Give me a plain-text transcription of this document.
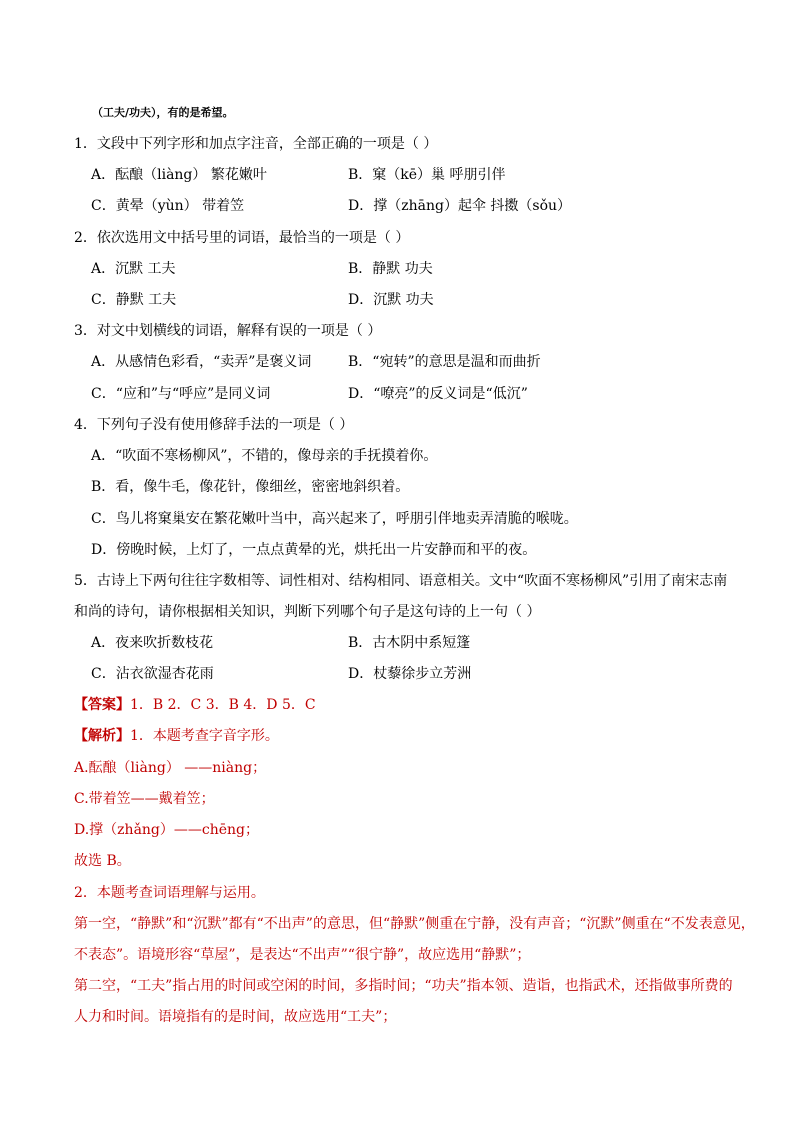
（工夫/功夫），有的是希望。
1．文段中下列字形和加点字注音，全部正确的一项是（ ）
A．酝酿（liàng） 繁花嫩叶	B．窠（kē）巢 呼朋引伴
C．黄晕（yùn） 带着笠	D．撑（zhāng）起伞 抖擞（sǒu）
2．依次选用文中括号里的词语，最恰当的一项是（ ）
A．沉默 工夫	B．静默 功夫
C．静默 工夫	D．沉默 功夫
3．对文中划横线的词语，解释有误的一项是（ ）
A．从感情色彩看，“卖弄”是褒义词	B．“宛转”的意思是温和而曲折
C．“应和”与“呼应”是同义词	D．“嘹亮”的反义词是“低沉”
4．下列句子没有使用修辞手法的一项是（ ）
A．“吹面不寒杨柳风”，不错的，像母亲的手抚摸着你。
B．看，像牛毛，像花针，像细丝，密密地斜织着。
C．鸟儿将窠巢安在繁花嫩叶当中，高兴起来了，呼朋引伴地卖弄清脆的喉咙。
D．傍晚时候，上灯了，一点点黄晕的光，烘托出一片安静而和平的夜。
5．古诗上下两句往往字数相等、词性相对、结构相同、语意相关。文中“吹面不寒杨柳风”引用了南宋志南
和尚的诗句，请你根据相关知识，判断下列哪个句子是这句诗的上一句（ ）
A．夜来吹折数枝花	B．古木阴中系短篷
C．沾衣欲湿杏花雨	D．杖藜徐步立芳洲
【答案】1．B 2．C 3．B 4．D 5．C
【解析】1．本题考查字音字形。
A.酝酿（liàng） ——niàng；
C.带着笠——戴着笠；
D.撑（zhǎng）——chēng；
故选 B。
2．本题考查词语理解与运用。
第一空，“静默”和“沉默”都有“不出声”的意思，但“静默”侧重在宁静，没有声音；“沉默”侧重在“不发表意见，
不表态”。语境形容“草屋”，是表达“不出声”“很宁静”，故应选用“静默”；
第二空，“工夫”指占用的时间或空闲的时间，多指时间；“功夫”指本领、造诣，也指武术，还指做事所费的
人力和时间。语境指有的是时间，故应选用“工夫”；
